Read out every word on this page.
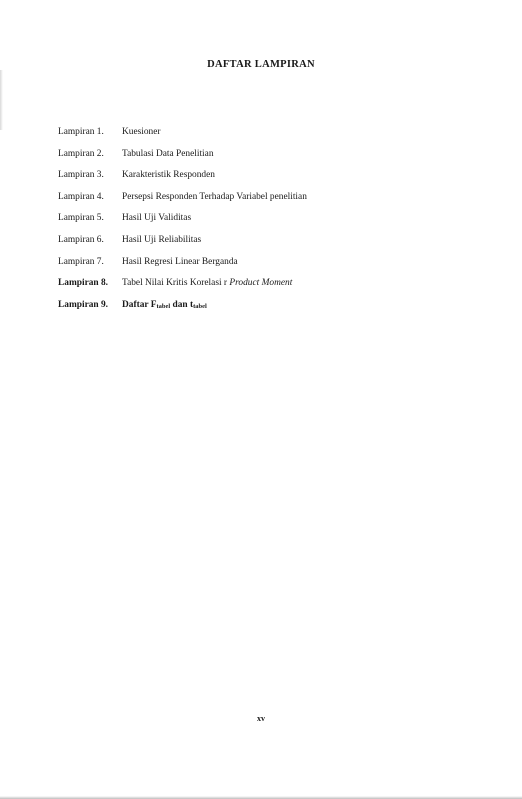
DAFTAR LAMPIRAN
Lampiran 1.	Kuesioner
Lampiran 2.	Tabulasi Data Penelitian
Lampiran 3.	Karakteristik Responden
Lampiran 4.	Persepsi Responden Terhadap Variabel penelitian
Lampiran 5.	Hasil Uji Validitas
Lampiran 6.	Hasil Uji Reliabilitas
Lampiran 7.	Hasil Regresi Linear Berganda
Lampiran 8.	Tabel Nilai Kritis Korelasi r Product Moment
Lampiran 9.	Daftar $F_{tabel}$ dan $t_{tabel}$
xv
